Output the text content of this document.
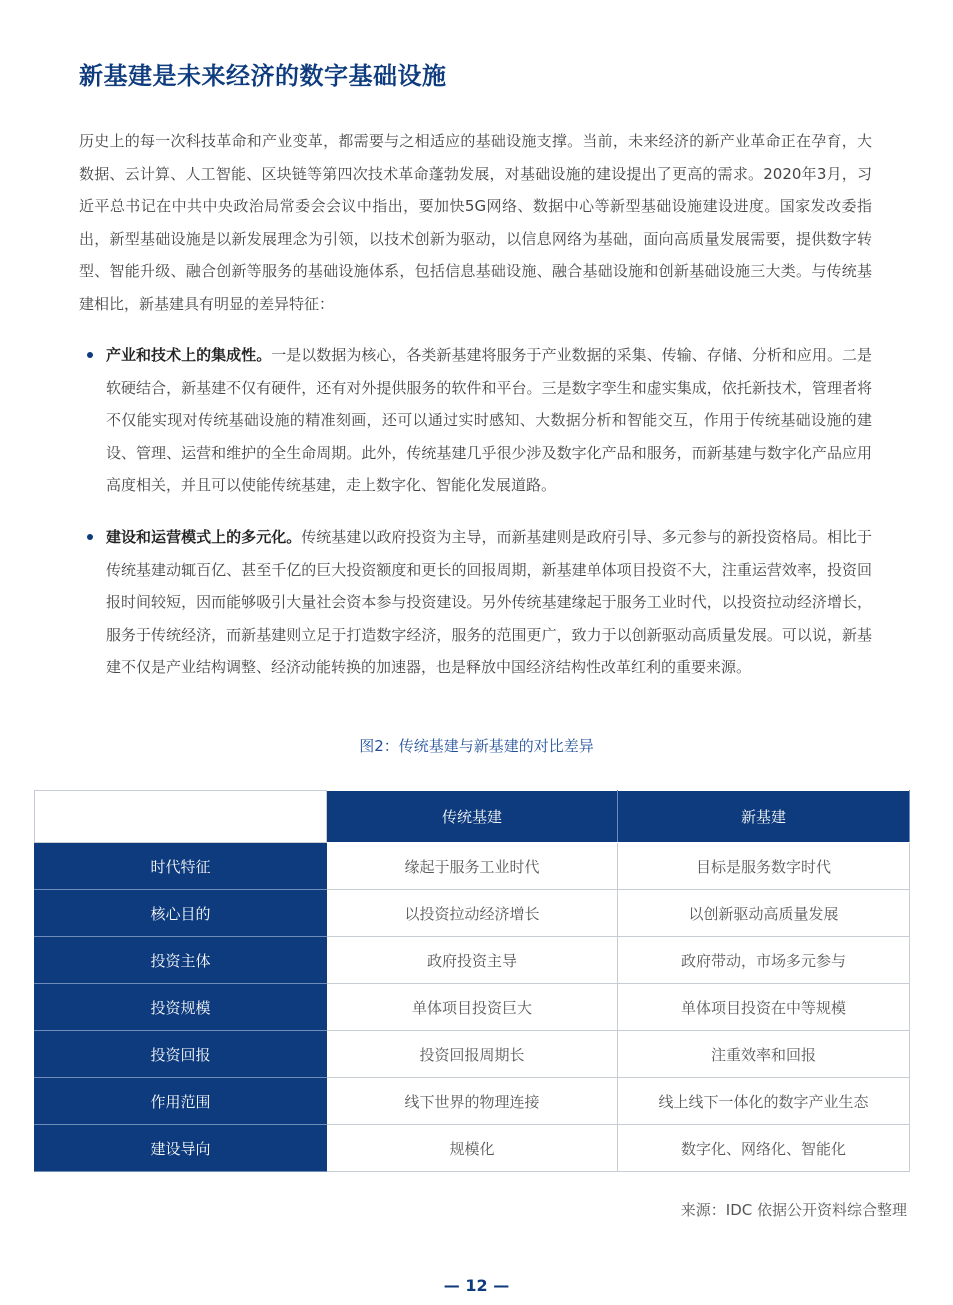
新基建是未来经济的数字基础设施

历史上的每一次科技革命和产业变革，都需要与之相适应的基础设施支撑。当前，未来经济的新产业革命正在孕育，大数据、云计算、人工智能、区块链等第四次技术革命蓬勃发展，对基础设施的建设提出了更高的需求。2020年3月，习近平总书记在中共中央政治局常委会会议中指出，要加快5G网络、数据中心等新型基础设施建设进度。国家发改委指出，新型基础设施是以新发展理念为引领，以技术创新为驱动，以信息网络为基础，面向高质量发展需要，提供数字转型、智能升级、融合创新等服务的基础设施体系，包括信息基础设施、融合基础设施和创新基础设施三大类。与传统基建相比，新基建具有明显的差异特征：

产业和技术上的集成性。一是以数据为核心，各类新基建将服务于产业数据的采集、传输、存储、分析和应用。二是软硬结合，新基建不仅有硬件，还有对外提供服务的软件和平台。三是数字孪生和虚实集成，依托新技术，管理者将不仅能实现对传统基础设施的精准刻画，还可以通过实时感知、大数据分析和智能交互，作用于传统基础设施的建设、管理、运营和维护的全生命周期。此外，传统基建几乎很少涉及数字化产品和服务，而新基建与数字化产品应用高度相关，并且可以使能传统基建，走上数字化、智能化发展道路。
建设和运营模式上的多元化。传统基建以政府投资为主导，而新基建则是政府引导、多元参与的新投资格局。相比于传统基建动辄百亿、甚至千亿的巨大投资额度和更长的回报周期，新基建单体项目投资不大，注重运营效率，投资回报时间较短，因而能够吸引大量社会资本参与投资建设。另外传统基建缘起于服务工业时代，以投资拉动经济增长，服务于传统经济，而新基建则立足于打造数字经济，服务的范围更广，致力于以创新驱动高质量发展。可以说，新基建不仅是产业结构调整、经济动能转换的加速器，也是释放中国经济结构性改革红利的重要来源。

图2：传统基建与新基建的对比差异

	传统基建	新基建
时代特征	缘起于服务工业时代	目标是服务数字时代
核心目的	以投资拉动经济增长	以创新驱动高质量发展
投资主体	政府投资主导	政府带动，市场多元参与
投资规模	单体项目投资巨大	单体项目投资在中等规模
投资回报	投资回报周期长	注重效率和回报
作用范围	线下世界的物理连接	线上线下一体化的数字产业生态
建设导向	规模化	数字化、网络化、智能化

来源：IDC 依据公开资料综合整理

— 12 —
